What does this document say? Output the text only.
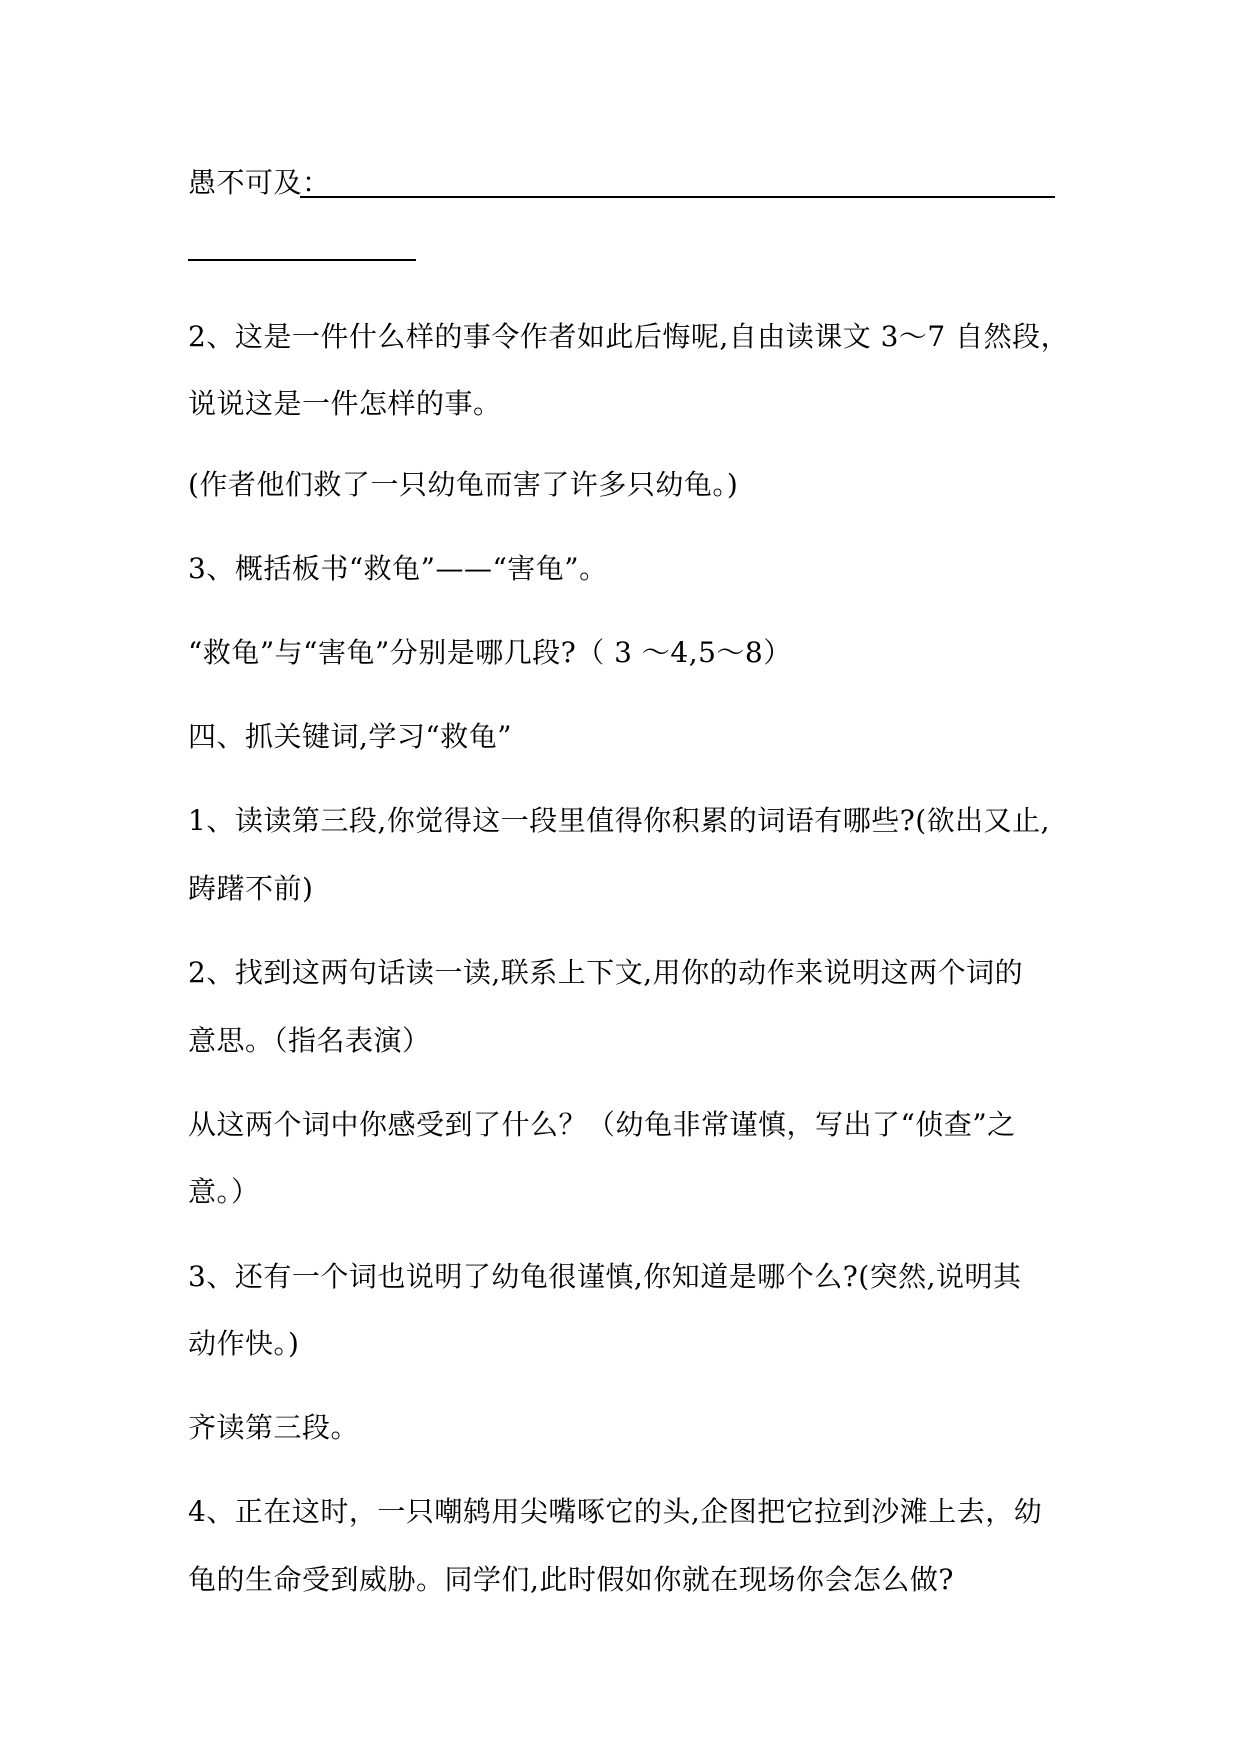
愚不可及：
2、这是一件什么样的事令作者如此后悔呢,自由读课文 3～7 自然段，
说说这是一件怎样的事。
(作者他们救了一只幼龟而害了许多只幼龟。)
3、概括板书“救龟”——“害龟”。
“救龟”与“害龟”分别是哪几段?（ 3 ～4,5～8）
四、抓关键词,学习“救龟”
1、读读第三段,你觉得这一段里值得你积累的词语有哪些?(欲出又止,
踌躇不前)
2、找到这两句话读一读,联系上下文,用你的动作来说明这两个词的
意思。（指名表演）
从这两个词中你感受到了什么？（幼龟非常谨慎，写出了“侦查”之
意。）
3、还有一个词也说明了幼龟很谨慎,你知道是哪个么?(突然,说明其
动作快。)
齐读第三段。
4、正在这时，一只嘲鸫用尖嘴啄它的头,企图把它拉到沙滩上去，幼
龟的生命受到威胁。同学们,此时假如你就在现场你会怎么做?
